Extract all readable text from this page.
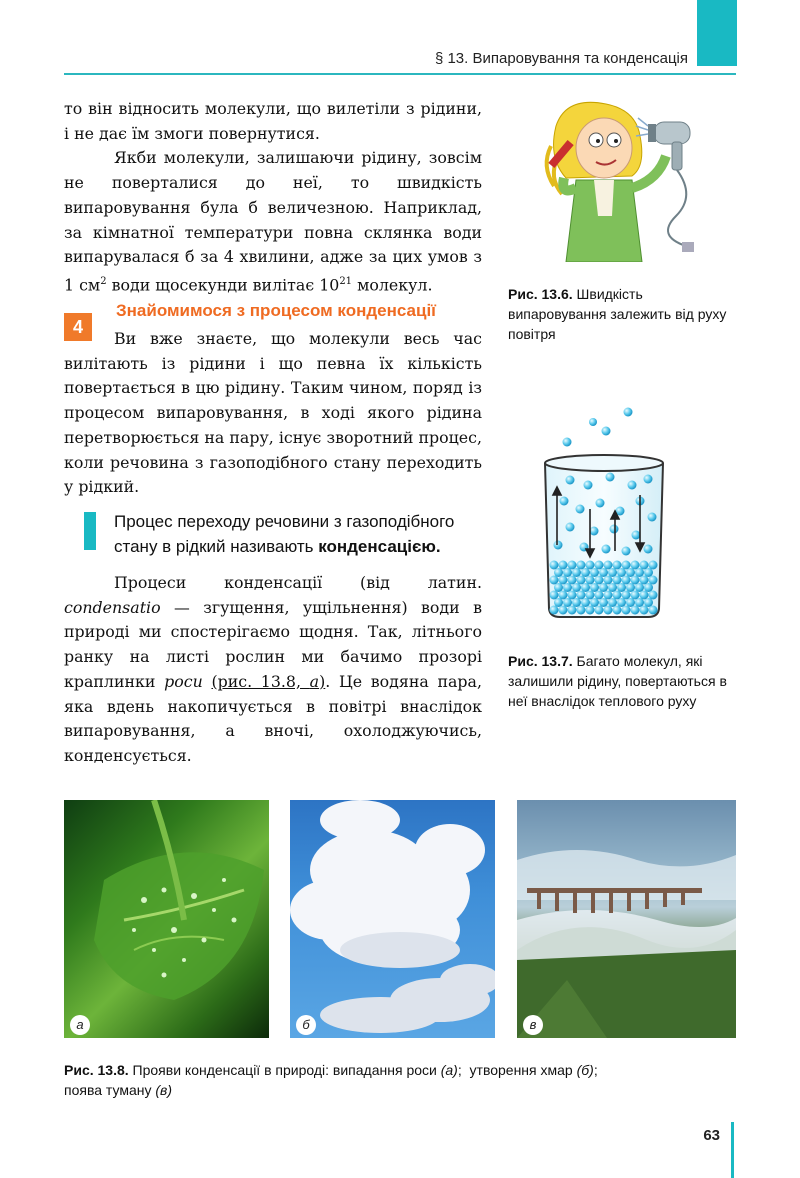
§ 13. Випаровування та конденсація

то він відносить молекули, що вилетіли з рідини, і не дає їм змоги повернутися.

Якби молекули, залишаючи рідину, зовсім не поверталися до неї, то швидкість випаровування була б величезною. Наприклад, за кімнатної температури повна склянка води випарувалася б за 4 хвилини, адже за цих умов з 1 $см^2$ води щосекунди вилітає $10^{21}$ молекул.

4
Знайомимося з процесом конденсації

Ви вже знаєте, що молекули весь час вилітають із рідини і що певна їх кількість повертається в цю рідину. Таким чином, поряд із процесом випаровування, в ході якого рідина перетворюється на пару, існує зворотний процес, коли речовина з газоподібного стану переходить у рідкий.

Процес переходу речовини з газоподібного стану в рідкий називають конденсацією.

Процеси конденсації (від латин. condensatio — згущення, ущільнення) води в природі ми спостерігаємо щодня. Так, літнього ранку на листі рослин ми бачимо прозорі краплинки роси (рис. 13.8, а). Це водяна пара, яка вдень накопичується в повітрі внаслідок випаровування, а вночі, охолоджуючись, конденсується.

Рис. 13.6. Швидкість випаровування залежить від руху повітря
Рис. 13.7. Багато молекул, які залишили рідину, повертаються в неї внаслідок теплового руху
а	б	в
Рис. 13.8. Прояви конденсації в природі: випадання роси (а);  утворення хмар (б);
поява туману (в)
63
